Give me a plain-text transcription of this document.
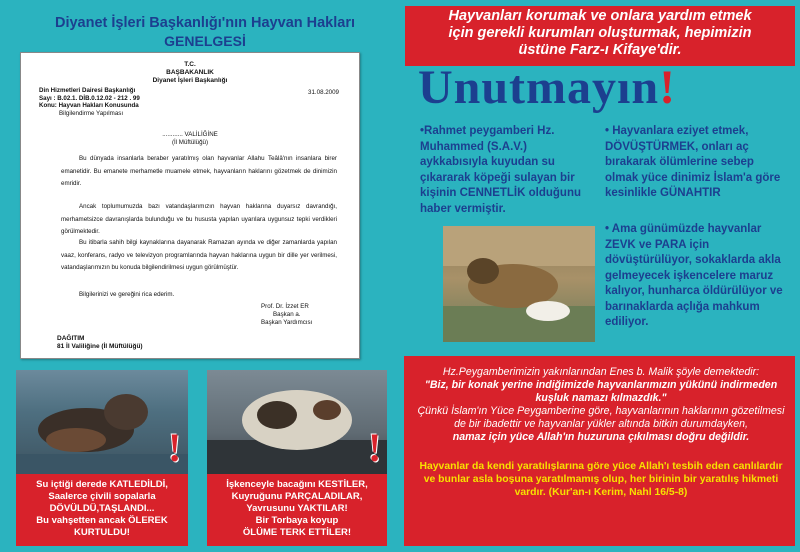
Diyanet İşleri Başkanlığı'nın Hayvan Hakları
GENELGESİ
T.C.
BAŞBAKANLIK
Diyanet İşleri Başkanlığı
Din Hizmetleri Dairesi Başkanlığı
Sayı : B.02.1. DİB.0.12.02 - 212 . 99
Konu: Hayvan Hakları Konusunda
Bilgilendirme Yapılması
31.08.2009
............ VALİLİĞİNE
(İl Müftülüğü)
Bu dünyada insanlarla beraber yaratılmış olan hayvanlar Allahu Teâlâ'nın insanlara birer emanetidir. Bu emanete merhametle muamele etmek, hayvanların haklarını gözetmek de dinimizin emridir.
Ancak toplumumuzda bazı vatandaşlarımızın hayvan haklarına duyarsız davrandığı, merhametsizce davranışlarda bulunduğu ve bu hususta yapılan uyarılara uygunsuz tepki verdikleri görülmektedir.
Bu itibarla sahih bilgi kaynaklarına dayanarak Ramazan ayında ve diğer zamanlarda yapılan vaaz, konferans, radyo ve televizyon programlarında hayvan haklarına uygun bir dille yer verilmesi, vatandaşlarımızın bu konuda bilgilendirilmesi uygun görülmüştür.
Bilgilerinizi ve gereğini rica ederim.
Prof. Dr. İzzet ER
Başkan a.
Başkan Yardımcısı
DAĞITIM
81 İl Valiliğine (İl Müftülüğü)
!	!
Su içtiği derede KATLEDİLDİ,
Saalerce çivili sopalarla
DÖVÜLDÜ,TAŞLANDI...
Bu vahşetten ancak ÖLEREK
KURTULDU!
İşkenceyle bacağını KESTİLER,
Kuyruğunu PARÇALADILAR,
Yavrusunu YAKTILAR!
Bir Torbaya koyup
ÖLÜME TERK ETTİLER!
Hayvanları korumak ve onlara yardım etmek
için gerekli kurumları oluşturmak, hepimizin
üstüne Farz-ı Kifaye'dir.
Unutmayın!
•Rahmet peygamberi Hz. Muhammed (S.A.V.) aykkabısıyla kuyudan su çıkararak köpeği sulayan bir kişinin CENNETLİK olduğunu haber vermiştir.
• Hayvanlara eziyet etmek, DÖVÜŞTÜRMEK, onları aç bırakarak ölümlerine sebep olmak yüce dinimiz İslam'a göre kesinlikle GÜNAHTIR
• Ama günümüzde hayvanlar ZEVK ve PARA için dövüştürülüyor, sokaklarda akla gelmeyecek işkencelere maruz kalıyor, hunharca öldürülüyor ve barınaklarda açlığa mahkum ediliyor.
Hz.Peygamberimizin yakınlarından Enes b. Malik şöyle demektedir:
"Biz, bir konak yerine indiğimizde hayvanlarımızın yükünü indirmeden kuşluk namazı kılmazdık."
Çünkü İslam'ın Yüce Peygamberine göre, hayvanlarının haklarının gözetilmesi de bir ibadettir ve hayvanlar yükler altında bitkin durumdayken,
namaz için yüce Allah'ın huzuruna çıkılması doğru değildir.
Hayvanlar da kendi yaratılışlarına göre yüce Allah'ı tesbih eden canlılardır ve bunlar asla boşuna yaratılmamış olup, her birinin bir yaratılış hikmeti vardır. (Kur'an-ı Kerim, Nahl 16/5-8)
